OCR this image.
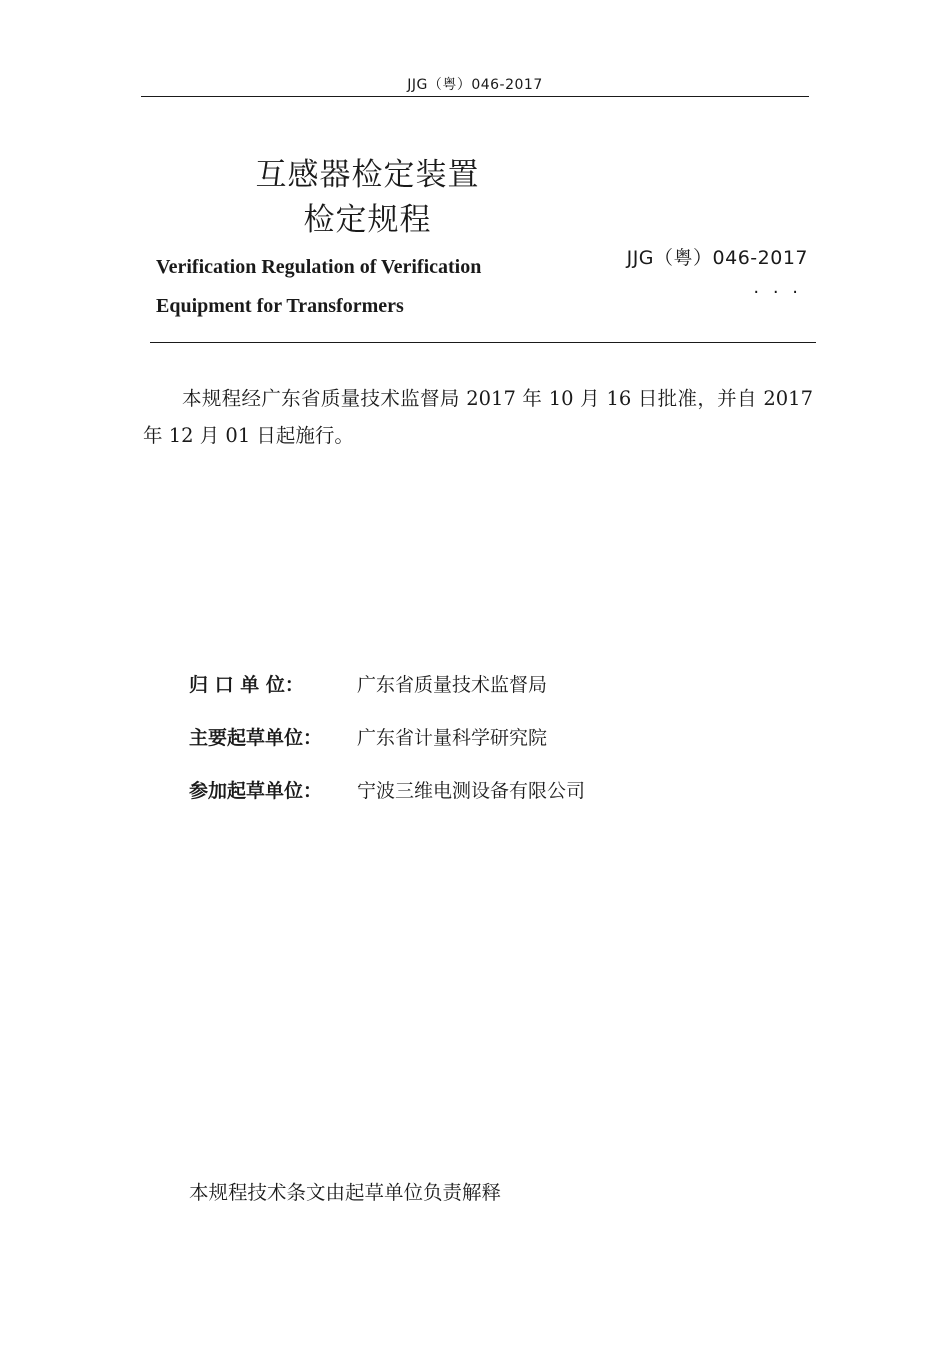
JJG（粤）046-2017
互感器检定装置
检定规程
Verification Regulation of Verification
Equipment for Transformers
JJG（粤）046-2017
· · ·
本规程经广东省质量技术监督局 2017 年 10 月 16 日批准，并自 2017 年 12 月 01 日起施行。
归 口 单 位：	广东省质量技术监督局
主要起草单位： 广东省计量科学研究院
参加起草单位： 宁波三维电测设备有限公司
本规程技术条文由起草单位负责解释
